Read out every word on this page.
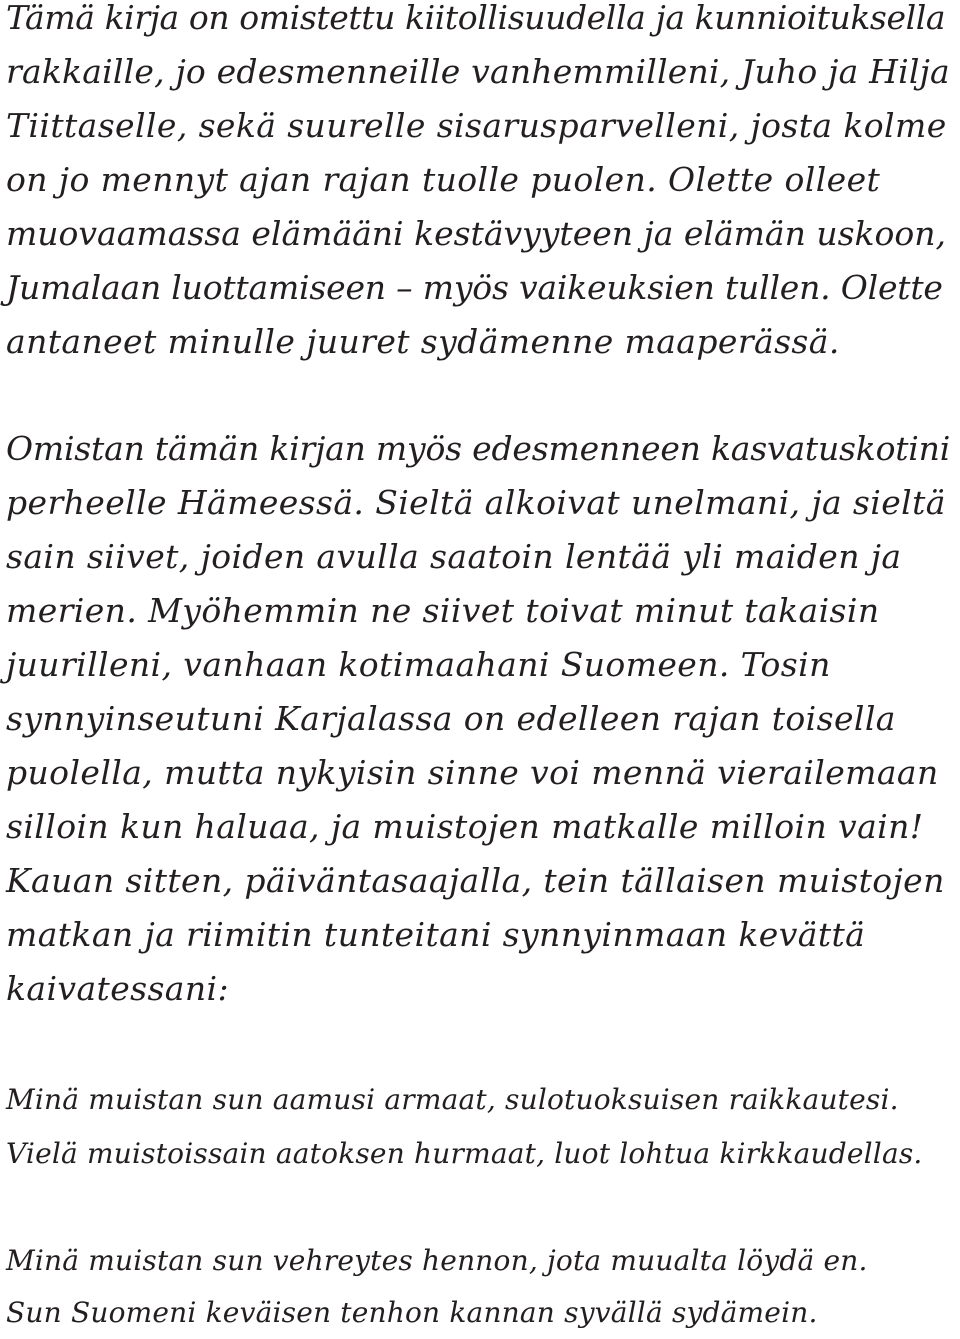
Tämä kirja on omistettu kiitollisuudella ja kunnioituksella

rakkaille, jo edesmenneille vanhemmilleni, Juho ja Hilja

Tiittaselle, sekä suurelle sisarusparvelleni, josta kolme

on jo mennyt ajan rajan tuolle puolen. Olette olleet

muovaamassa elämääni kestävyyteen ja elämän uskoon,

Jumalaan luottamiseen – myös vaikeuksien tullen. Olette

antaneet minulle juuret sydämenne maaperässä.

Omistan tämän kirjan myös edesmenneen kasvatuskotini

perheelle Hämeessä. Sieltä alkoivat unelmani, ja sieltä

sain siivet, joiden avulla saatoin lentää yli maiden ja

merien. Myöhemmin ne siivet toivat minut takaisin

juurilleni, vanhaan kotimaahani Suomeen. Tosin

synnyinseutuni Karjalassa on edelleen rajan toisella

puolella, mutta nykyisin sinne voi mennä vierailemaan

silloin kun haluaa, ja muistojen matkalle milloin vain!

Kauan sitten, päiväntasaajalla, tein tällaisen muistojen

matkan ja riimitin tunteitani synnyinmaan kevättä

kaivatessani:

Minä muistan sun aamusi armaat, sulotuoksuisen raikkautesi.

Vielä muistoissain aatoksen hurmaat, luot lohtua kirkkaudellas.

Minä muistan sun vehreytes hennon, jota muualta löydä en.

Sun Suomeni keväisen tenhon kannan syvällä sydämein.
